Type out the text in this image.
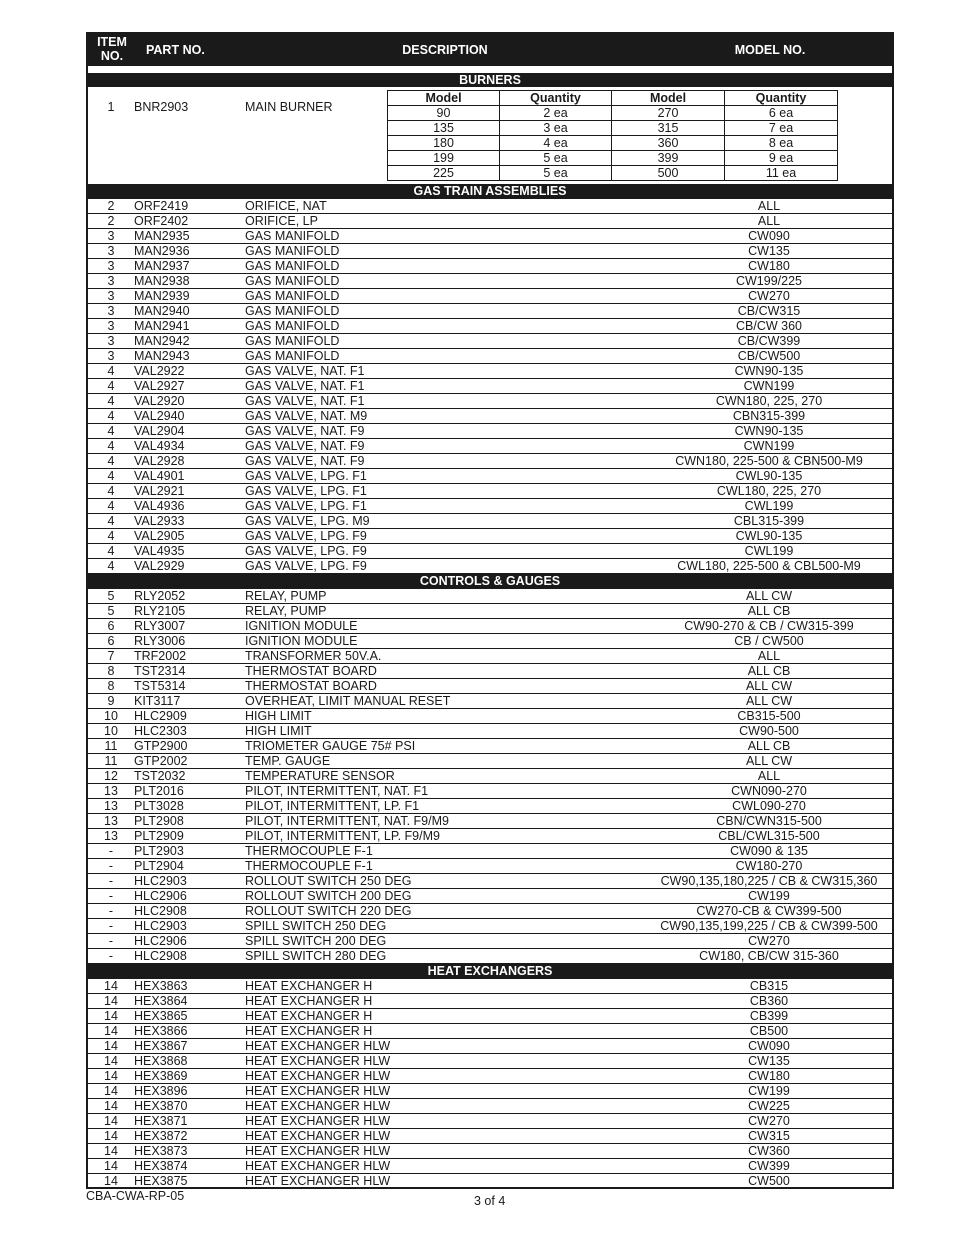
ITEM
NO.	PART NO.	DESCRIPTION	MODEL NO.
BURNERS
1	BNR2903	MAIN BURNER
Model	Quantity	Model	Quantity
90	2 ea	270	6 ea
135	3 ea	315	7 ea
180	4 ea	360	8 ea
199	5 ea	399	9 ea
225	5 ea	500	11 ea
GAS TRAIN ASSEMBLIES
2	ORF2419	ORIFICE, NAT	ALL
2	ORF2402	ORIFICE, LP	ALL
3	MAN2935	GAS MANIFOLD	CW090
3	MAN2936	GAS MANIFOLD	CW135
3	MAN2937	GAS MANIFOLD	CW180
3	MAN2938	GAS MANIFOLD	CW199/225
3	MAN2939	GAS MANIFOLD	CW270
3	MAN2940	GAS MANIFOLD	CB/CW315
3	MAN2941	GAS MANIFOLD	CB/CW 360
3	MAN2942	GAS MANIFOLD	CB/CW399
3	MAN2943	GAS MANIFOLD	CB/CW500
4	VAL2922	GAS VALVE, NAT. F1	CWN90-135
4	VAL2927	GAS VALVE, NAT. F1	CWN199
4	VAL2920	GAS VALVE, NAT. F1	CWN180, 225, 270
4	VAL2940	GAS VALVE, NAT. M9	CBN315-399
4	VAL2904	GAS VALVE, NAT. F9	CWN90-135
4	VAL4934	GAS VALVE, NAT. F9	CWN199
4	VAL2928	GAS VALVE, NAT. F9	CWN180, 225-500 & CBN500-M9
4	VAL4901	GAS VALVE, LPG. F1	CWL90-135
4	VAL2921	GAS VALVE, LPG. F1	CWL180, 225, 270
4	VAL4936	GAS VALVE, LPG. F1	CWL199
4	VAL2933	GAS VALVE, LPG. M9	CBL315-399
4	VAL2905	GAS VALVE, LPG. F9	CWL90-135
4	VAL4935	GAS VALVE, LPG. F9	CWL199
4	VAL2929	GAS VALVE, LPG. F9	CWL180, 225-500 & CBL500-M9
CONTROLS & GAUGES
5	RLY2052	RELAY, PUMP	ALL CW
5	RLY2105	RELAY, PUMP	ALL CB
6	RLY3007	IGNITION MODULE	CW90-270 & CB / CW315-399
6	RLY3006	IGNITION MODULE	CB / CW500
7	TRF2002	TRANSFORMER 50V.A.	ALL
8	TST2314	THERMOSTAT BOARD	ALL CB
8	TST5314	THERMOSTAT BOARD	ALL CW
9	KIT3117	OVERHEAT, LIMIT MANUAL RESET	ALL CW
10	HLC2909	HIGH LIMIT	CB315-500
10	HLC2303	HIGH LIMIT	CW90-500
11	GTP2900	TRIOMETER GAUGE 75# PSI	ALL CB
11	GTP2002	TEMP. GAUGE	ALL CW
12	TST2032	TEMPERATURE SENSOR	ALL
13	PLT2016	PILOT, INTERMITTENT, NAT. F1	CWN090-270
13	PLT3028	PILOT, INTERMITTENT, LP. F1	CWL090-270
13	PLT2908	PILOT, INTERMITTENT, NAT. F9/M9	CBN/CWN315-500
13	PLT2909	PILOT, INTERMITTENT, LP. F9/M9	CBL/CWL315-500
-	PLT2903	THERMOCOUPLE F-1	CW090 & 135
-	PLT2904	THERMOCOUPLE F-1	CW180-270
-	HLC2903	ROLLOUT SWITCH 250 DEG	CW90,135,180,225 / CB & CW315,360
-	HLC2906	ROLLOUT SWITCH 200 DEG	CW199
-	HLC2908	ROLLOUT SWITCH 220 DEG	CW270-CB & CW399-500
-	HLC2903	SPILL SWITCH 250 DEG	CW90,135,199,225 / CB & CW399-500
-	HLC2906	SPILL SWITCH 200 DEG	CW270
-	HLC2908	SPILL SWITCH 280 DEG	CW180, CB/CW 315-360
HEAT EXCHANGERS
14	HEX3863	HEAT EXCHANGER H	CB315
14	HEX3864	HEAT EXCHANGER H	CB360
14	HEX3865	HEAT EXCHANGER H	CB399
14	HEX3866	HEAT EXCHANGER H	CB500
14	HEX3867	HEAT EXCHANGER HLW	CW090
14	HEX3868	HEAT EXCHANGER HLW	CW135
14	HEX3869	HEAT EXCHANGER HLW	CW180
14	HEX3896	HEAT EXCHANGER HLW	CW199
14	HEX3870	HEAT EXCHANGER HLW	CW225
14	HEX3871	HEAT EXCHANGER HLW	CW270
14	HEX3872	HEAT EXCHANGER HLW	CW315
14	HEX3873	HEAT EXCHANGER HLW	CW360
14	HEX3874	HEAT EXCHANGER HLW	CW399
14	HEX3875	HEAT EXCHANGER HLW	CW500
CBA-CWA-RP-05	3 of 4
